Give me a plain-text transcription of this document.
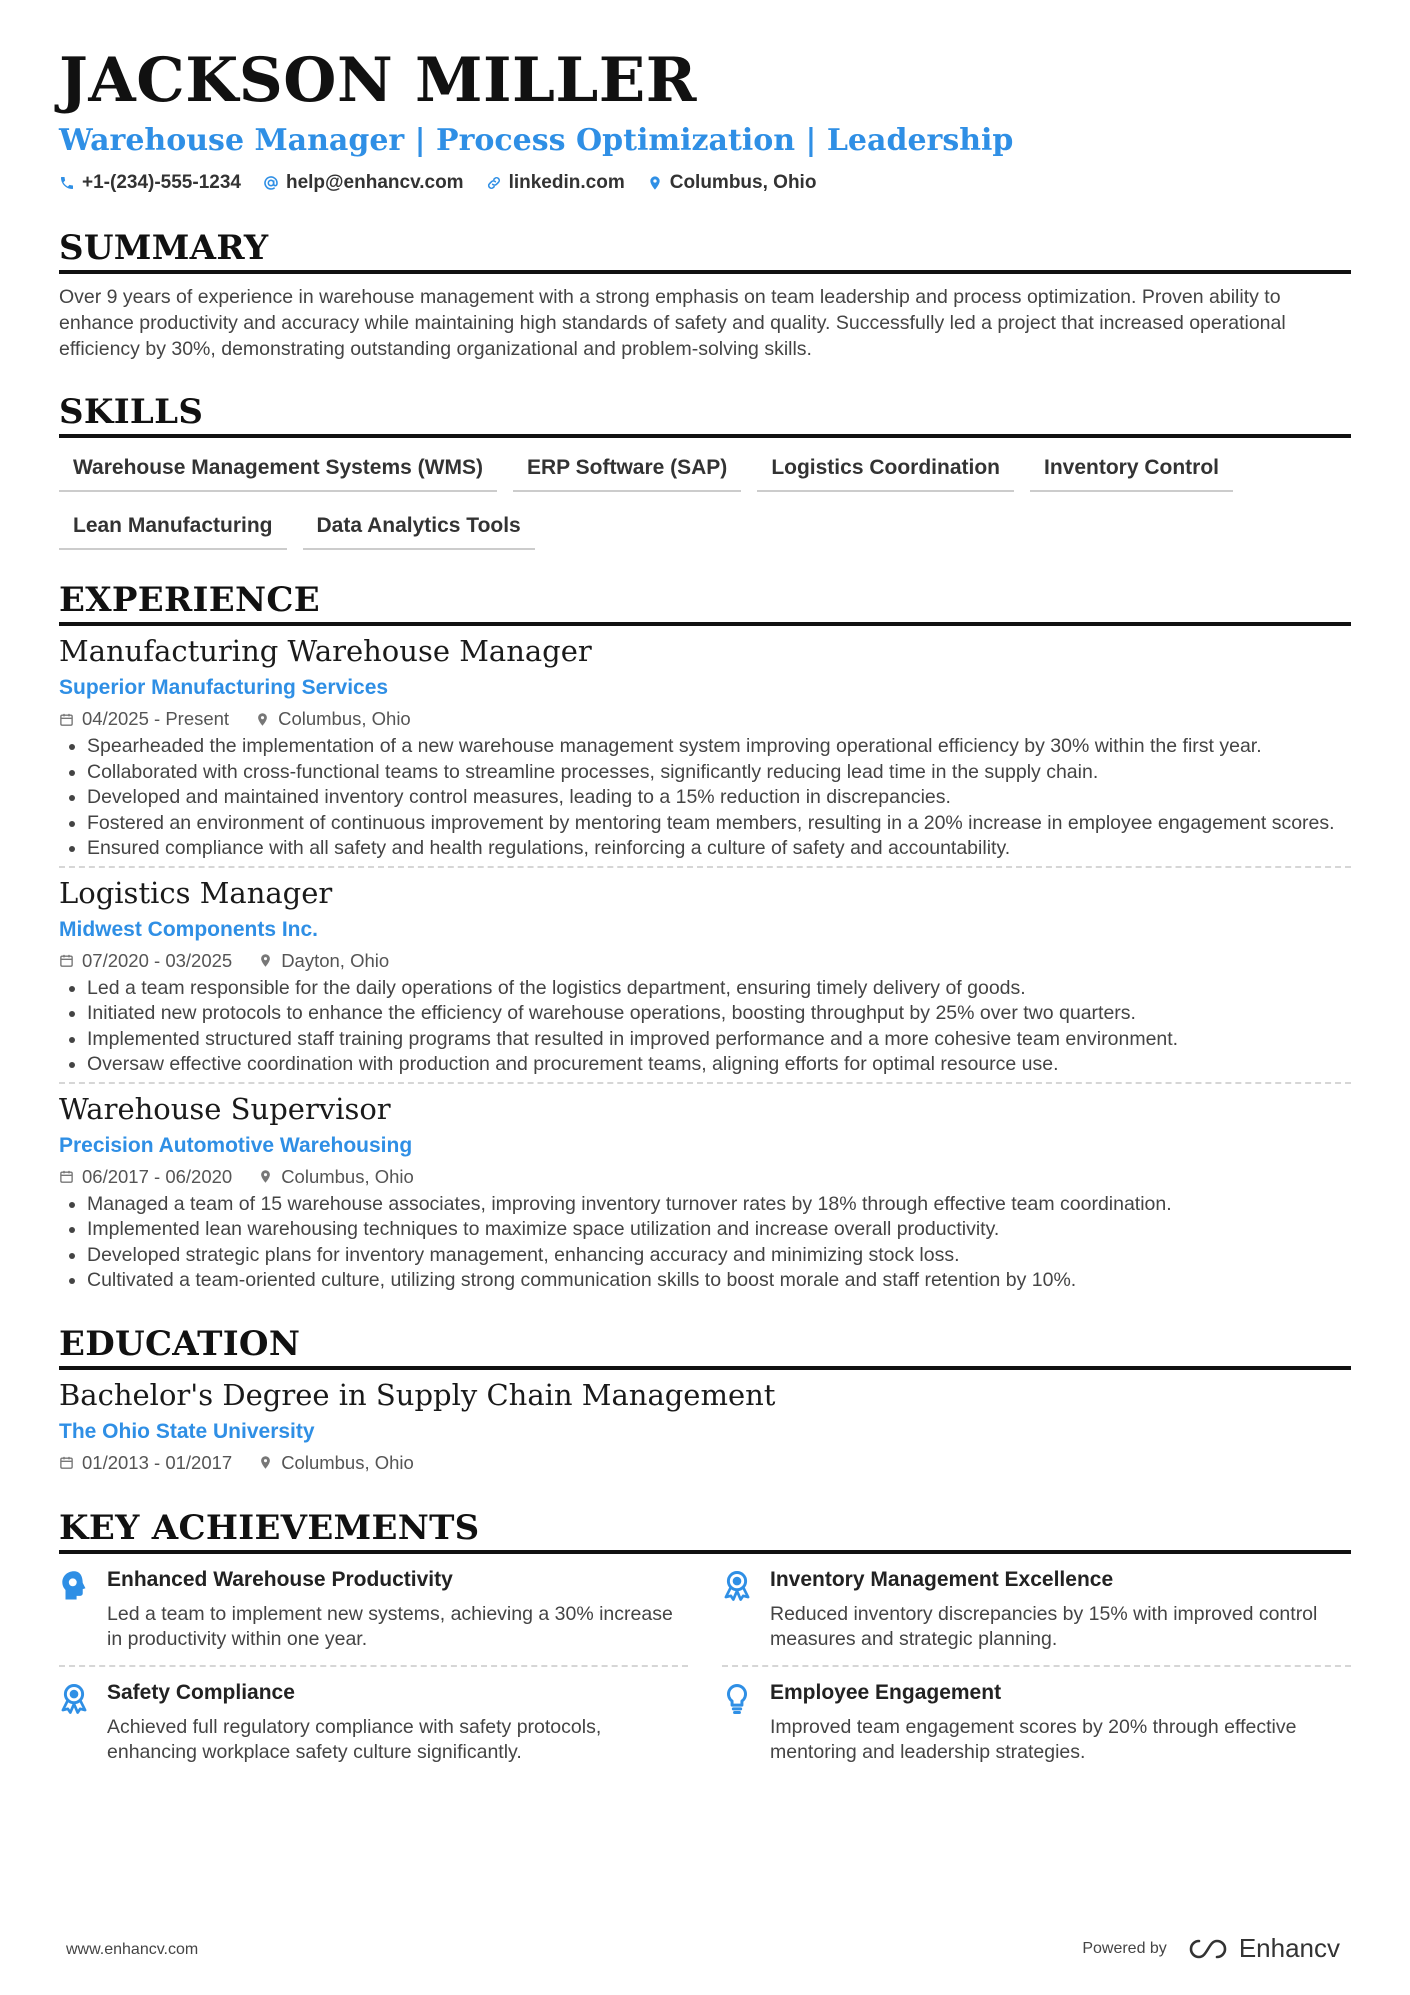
JACKSON MILLER
Warehouse Manager | Process Optimization | Leadership
+1-(234)-555-1234 help@enhancv.com linkedin.com Columbus, Ohio
SUMMARY
Over 9 years of experience in warehouse management with a strong emphasis on team leadership and process optimization. Proven ability to enhance productivity and accuracy while maintaining high standards of safety and quality. Successfully led a project that increased operational efficiency by 30%, demonstrating outstanding organizational and problem-solving skills.
SKILLS
Warehouse Management Systems (WMS)	ERP Software (SAP)	Logistics Coordination	Inventory Control
Lean Manufacturing	Data Analytics Tools
EXPERIENCE
Manufacturing Warehouse Manager
Superior Manufacturing Services
04/2025 - Present	Columbus, Ohio
• Spearheaded the implementation of a new warehouse management system improving operational efficiency by 30% within the first year.
• Collaborated with cross-functional teams to streamline processes, significantly reducing lead time in the supply chain.
• Developed and maintained inventory control measures, leading to a 15% reduction in discrepancies.
• Fostered an environment of continuous improvement by mentoring team members, resulting in a 20% increase in employee engagement scores.
• Ensured compliance with all safety and health regulations, reinforcing a culture of safety and accountability.
Logistics Manager
Midwest Components Inc.
07/2020 - 03/2025	Dayton, Ohio
• Led a team responsible for the daily operations of the logistics department, ensuring timely delivery of goods.
• Initiated new protocols to enhance the efficiency of warehouse operations, boosting throughput by 25% over two quarters.
• Implemented structured staff training programs that resulted in improved performance and a more cohesive team environment.
• Oversaw effective coordination with production and procurement teams, aligning efforts for optimal resource use.
Warehouse Supervisor
Precision Automotive Warehousing
06/2017 - 06/2020	Columbus, Ohio
• Managed a team of 15 warehouse associates, improving inventory turnover rates by 18% through effective team coordination.
• Implemented lean warehousing techniques to maximize space utilization and increase overall productivity.
• Developed strategic plans for inventory management, enhancing accuracy and minimizing stock loss.
• Cultivated a team-oriented culture, utilizing strong communication skills to boost morale and staff retention by 10%.
EDUCATION
Bachelor's Degree in Supply Chain Management
The Ohio State University
01/2013 - 01/2017	Columbus, Ohio
KEY ACHIEVEMENTS
Enhanced Warehouse Productivity
Led a team to implement new systems, achieving a 30% increase in productivity within one year.
Inventory Management Excellence
Reduced inventory discrepancies by 15% with improved control measures and strategic planning.
Safety Compliance
Achieved full regulatory compliance with safety protocols, enhancing workplace safety culture significantly.
Employee Engagement
Improved team engagement scores by 20% through effective mentoring and leadership strategies.
www.enhancv.com	Powered by	Enhancv
